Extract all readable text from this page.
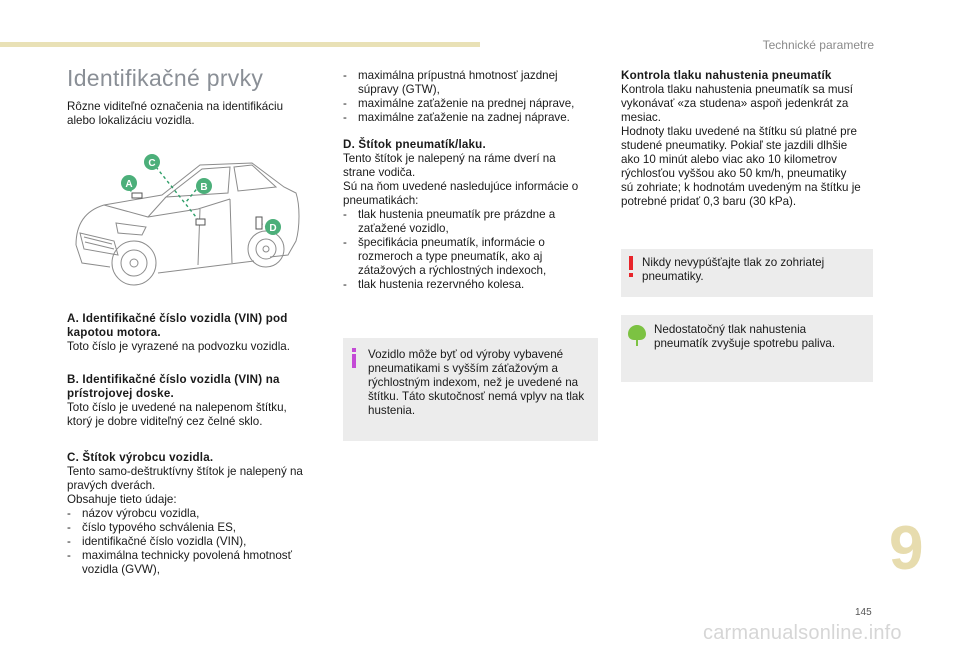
Technické parametre
Identifikačné prvky

Rôzne viditeľné označenia na identifikáciu

alebo lokalizáciu vozidla.

A	B
C
D

A. Identifikačné číslo vozidla (VIN) pod

kapotou motora.

Toto číslo je vyrazené na podvozku vozidla.

B. Identifikačné číslo vozidla (VIN) na

prístrojovej doske.

Toto číslo je uvedené na nalepenom štítku,

ktorý je dobre viditeľný cez čelné sklo.

C. Štítok výrobcu vozidla.

Tento samo-deštruktívny štítok je nalepený na

pravých dverách.

Obsahuje tieto údaje:

- názov výrobcu vozidla,
- číslo typového schválenia ES,
- identifikačné číslo vozidla (VIN),
- maximálna technicky povolená hmotnosť
vozidla (GVW),
- maximálna prípustná hmotnosť jazdnej
súpravy (GTW),
- maximálne zaťaženie na prednej náprave,
- maximálne zaťaženie na zadnej náprave.

D. Štítok pneumatík/laku.

Tento štítok je nalepený na ráme dverí na

strane vodiča.

Sú na ňom uvedené nasledujúce informácie o

pneumatikách:

- tlak hustenia pneumatík pre prázdne a
zaťažené vozidlo,
- špecifikácia pneumatík, informácie o
rozmeroch a type pneumatík, ako aj
zátažových a rýchlostných indexoch,
- tlak hustenia rezervného kolesa.

Vozidlo môže byť od výroby vybavené

pneumatikami s vyšším záťažovým a

rýchlostným indexom, než je uvedené na

štítku. Táto skutočnosť nemá vplyv na tlak

hustenia.

Kontrola tlaku nahustenia pneumatík

Kontrola tlaku nahustenia pneumatík sa musí

vykonávať «za studena» aspoň jedenkrát za

mesiac.

Hodnoty tlaku uvedené na štítku sú platné pre

studené pneumatiky. Pokiaľ ste jazdili dlhšie

ako 10 minút alebo viac ako 10 kilometrov

rýchlosťou vyššou ako 50 km/h, pneumatiky

sú zohriate; k hodnotám uvedeným na štítku je

potrebné pridať 0,3 baru (30 kPa).

Nikdy nevypúšťajte tlak zo zohriatej

pneumatiky.

Nedostatočný tlak nahustenia

pneumatík zvyšuje spotrebu paliva.

9
145
carmanualsonline.info
